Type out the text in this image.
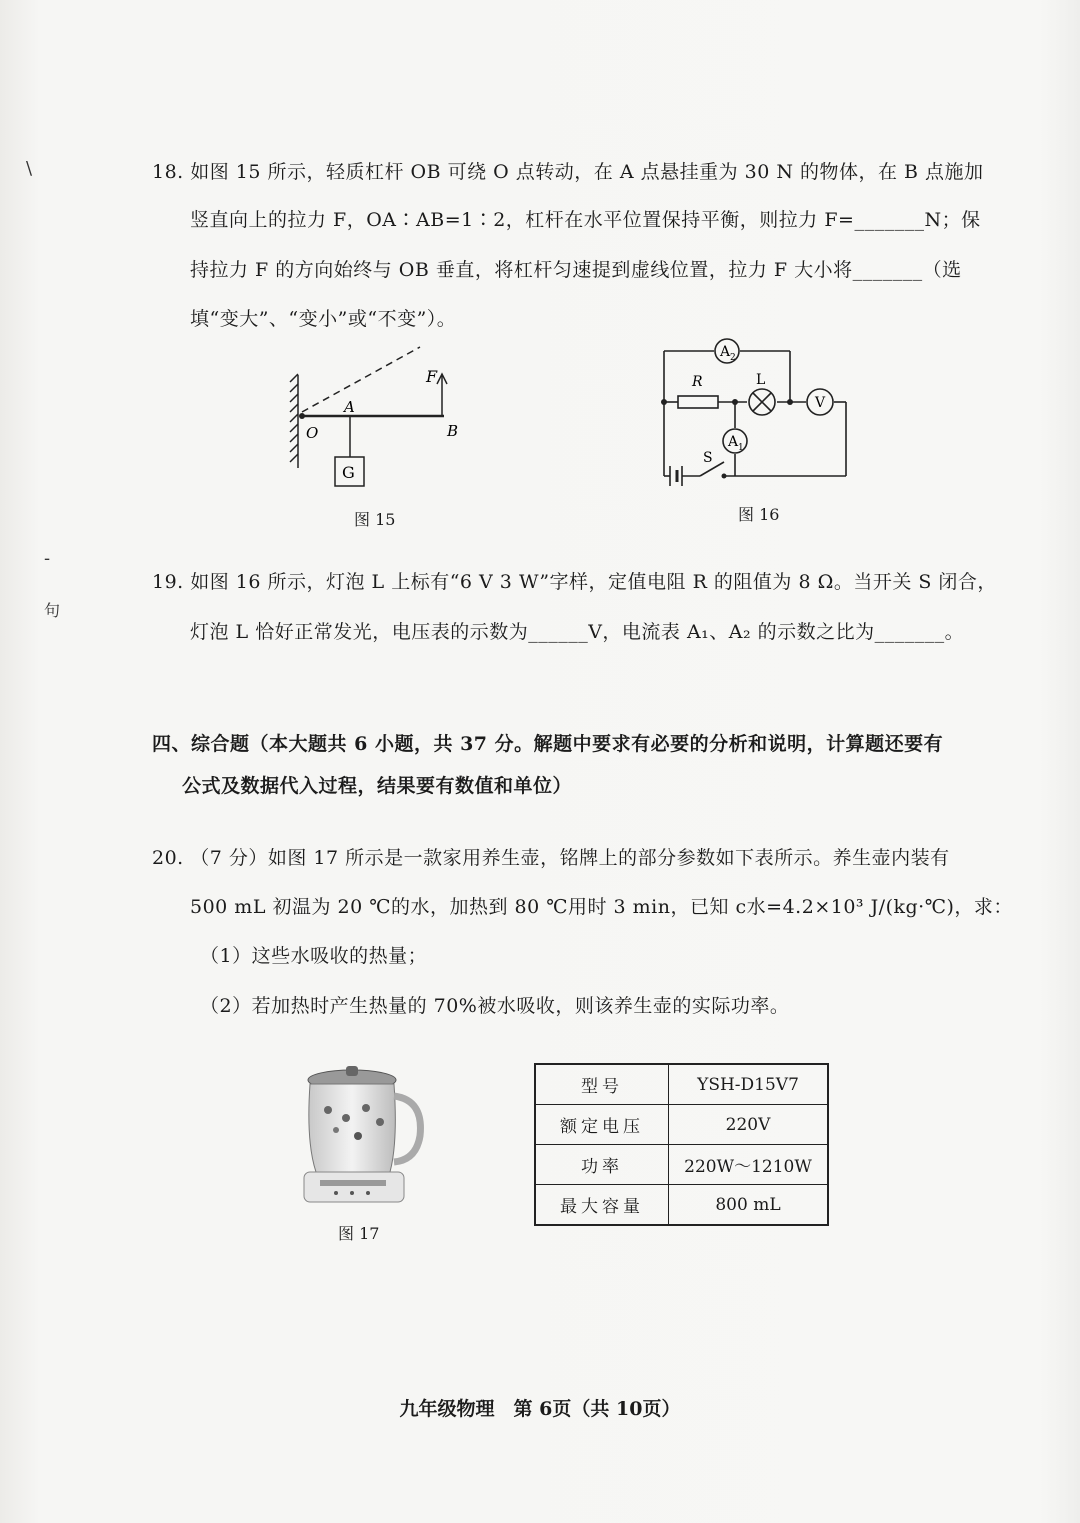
\
-
句
18. 如图 15 所示，轻质杠杆 OB 可绕 O 点转动，在 A 点悬挂重为 30 N 的物体，在 B 点施加
竖直向上的拉力 F，OA∶AB=1∶2，杠杆在水平位置保持平衡，则拉力 F=_______N；保
持拉力 F 的方向始终与 OB 垂直，将杠杆匀速提到虚线位置，拉力 F 大小将_______（选
填“变大”、“变小”或“不变”）。
F
O
A
B
G
图 15
A 2
A 1
V
R	L
S
图 16
19. 如图 16 所示，灯泡 L 上标有“6 V 3 W”字样，定值电阻 R 的阻值为 8 Ω。当开关 S 闭合，
灯泡 L 恰好正常发光，电压表的示数为______V，电流表 A₁、A₂ 的示数之比为_______。
四、综合题（本大题共 6 小题，共 37 分。解题中要求有必要的分析和说明，计算题还要有
公式及数据代入过程，结果要有数值和单位）
20. （7 分）如图 17 所示是一款家用养生壶，铭牌上的部分参数如下表所示。养生壶内装有
500 mL 初温为 20 ℃的水，加热到 80 ℃用时 3 min，已知 c水=4.2×10³ J/(kg·℃)，求：
（1）这些水吸收的热量；
（2）若加热时产生热量的 70%被水吸收，则该养生壶的实际功率。
图 17
型号	YSH-D15V7
额定电压	220V
功率	220W～1210W
最大容量	800 mL
九年级物理　第 6页（共 10页）
